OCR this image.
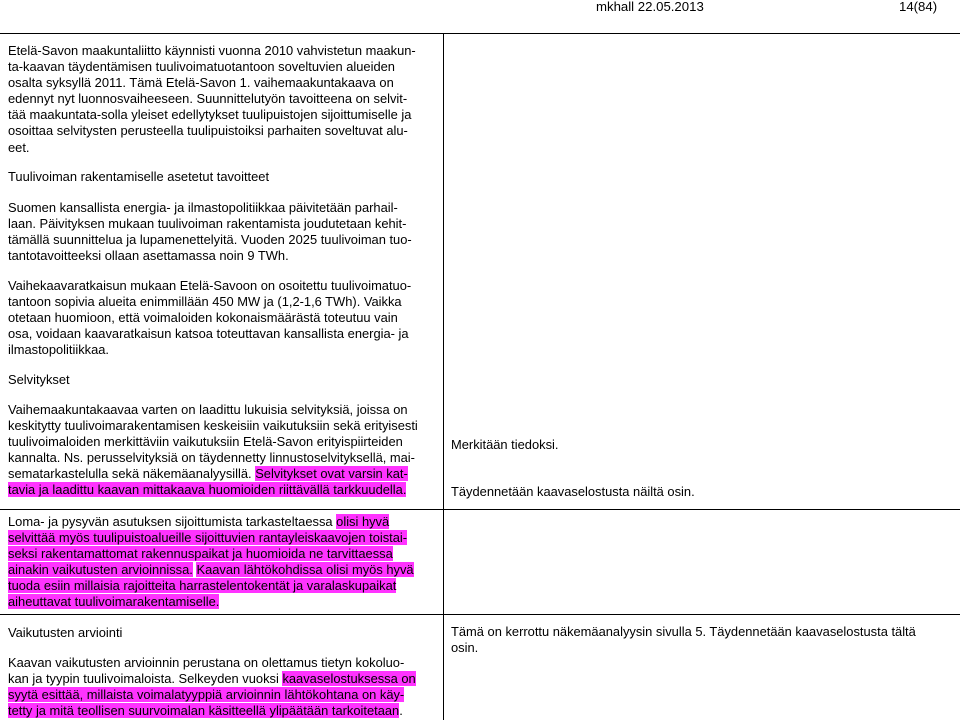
mkhall 22.05.2013	14(84)

Etelä-Savon maakuntaliitto käynnisti vuonna 2010 vahvistetun maakun-

ta-kaavan täydentämisen tuulivoimatuotantoon soveltuvien alueiden

osalta syksyllä 2011. Tämä Etelä-Savon 1. vaihemaakuntakaava on

edennyt nyt luonnosvaiheeseen. Suunnittelutyön tavoitteena on selvit-

tää maakuntata-solla yleiset edellytykset tuulipuistojen sijoittumiselle ja

osoittaa selvitysten perusteella tuulipuistoiksi parhaiten soveltuvat alu-

eet.

Tuulivoiman rakentamiselle asetetut tavoitteet

Suomen kansallista energia- ja ilmastopolitiikkaa päivitetään parhail-

laan. Päivityksen mukaan tuulivoiman rakentamista joudutetaan kehit-

tämällä suunnittelua ja lupamenettelyitä. Vuoden 2025 tuulivoiman tuo-

tantotavoitteeksi ollaan asettamassa noin 9 TWh.

Vaihekaavaratkaisun mukaan Etelä-Savoon on osoitettu tuulivoimatuo-

tantoon sopivia alueita enimmillään 450 MW ja (1,2-1,6 TWh). Vaikka

otetaan huomioon, että voimaloiden kokonaismäärästä toteutuu vain

osa, voidaan kaavaratkaisun katsoa toteuttavan kansallista energia- ja

ilmastopolitiikkaa.

Selvitykset

Vaihemaakuntakaavaa varten on laadittu lukuisia selvityksiä, joissa on

keskitytty tuulivoimarakentamisen keskeisiin vaikutuksiin sekä erityisesti

tuulivoimaloiden merkittäviin vaikutuksiin Etelä-Savon erityispiirteiden

kannalta. Ns. perusselvityksiä on täydennetty linnustoselvityksellä, mai-

sematarkastelulla sekä näkemäanalyysillä. Selvitykset ovat varsin kat-

tavia ja laadittu kaavan mittakaava huomioiden riittävällä tarkkuudella.

Loma- ja pysyvän asutuksen sijoittumista tarkasteltaessa olisi hyvä

selvittää myös tuulipuistoalueille sijoittuvien rantayleiskaavojen toistai-

seksi rakentamattomat rakennuspaikat ja huomioida ne tarvittaessa

ainakin vaikutusten arvioinnissa. Kaavan lähtökohdissa olisi myös hyvä

tuoda esiin millaisia rajoitteita harrastelentokentät ja varalaskupaikat

aiheuttavat tuulivoimarakentamiselle.

Vaikutusten arviointi

Kaavan vaikutusten arvioinnin perustana on olettamus tietyn kokoluo-

kan ja tyypin tuulivoimaloista. Selkeyden vuoksi kaavaselostuksessa on

syytä esittää, millaista voimalatyyppiä arvioinnin lähtökohtana on käy-

tetty ja mitä teollisen suurvoimalan käsitteellä ylipäätään tarkoitetaan.

Merkitään tiedoksi.

Täydennetään kaavaselostusta näiltä osin.

Tämä on kerrottu näkemäanalyysin sivulla 5. Täydennetään kaavaselostusta tältä

osin.
